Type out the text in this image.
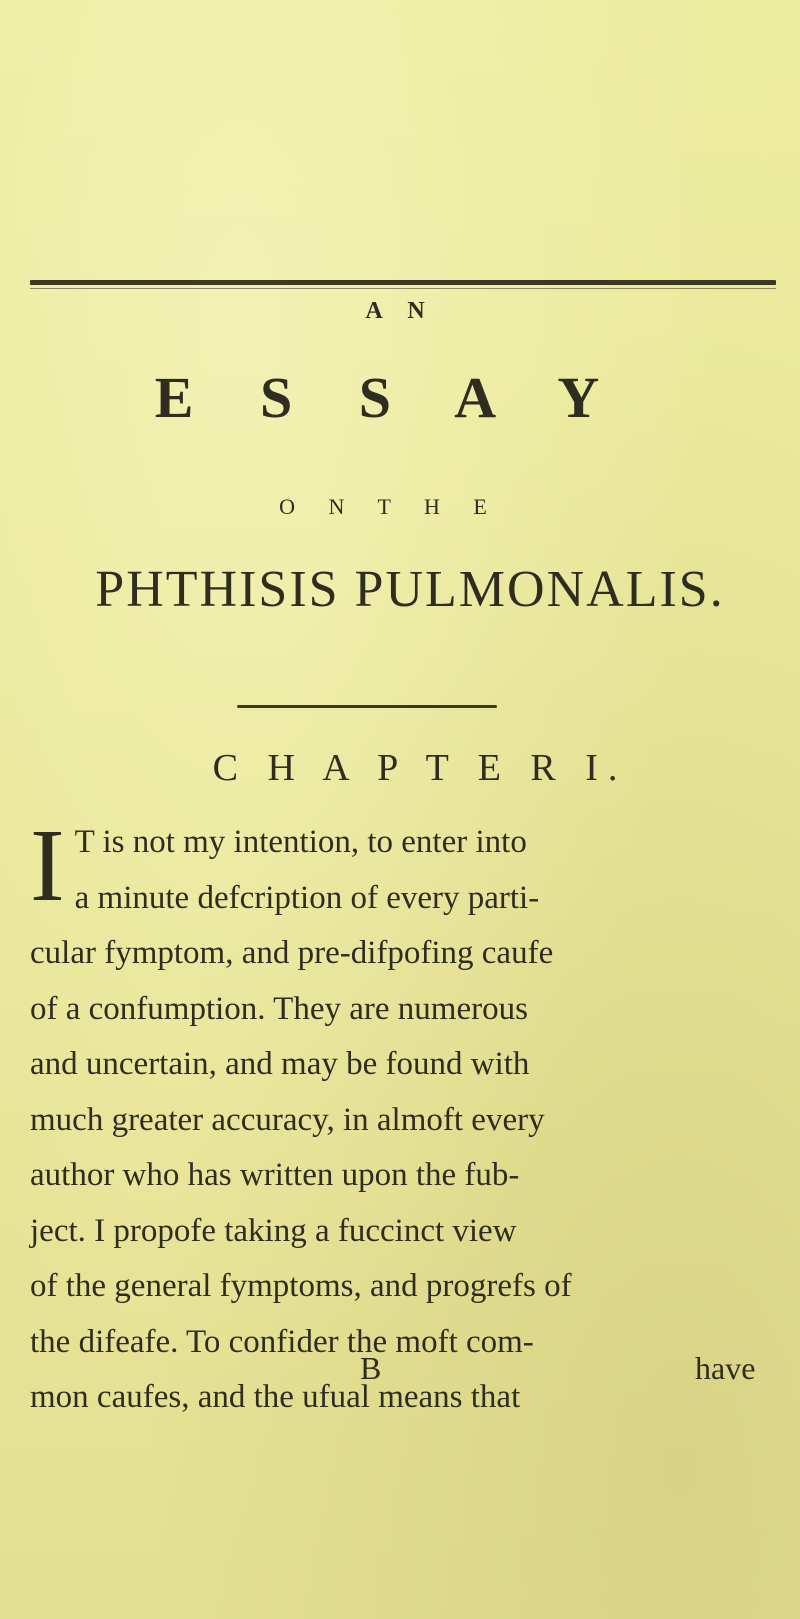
A N
E S S A Y
O N T H E
PHTHISIS PULMONALIS.
C H A P T E R I.
I T is not my intention, to enter into
a minute defcription of every parti-
cular fymptom, and pre-difpofing caufe
of a confumption. They are numerous
and uncertain, and may be found with
much greater accuracy, in almoft every
author who has written upon the fub-
ject. I propofe taking a fuccinct view
of the general fymptoms, and progrefs of
the difeafe. To confider the moft com-
mon caufes, and the ufual means that
B	have
